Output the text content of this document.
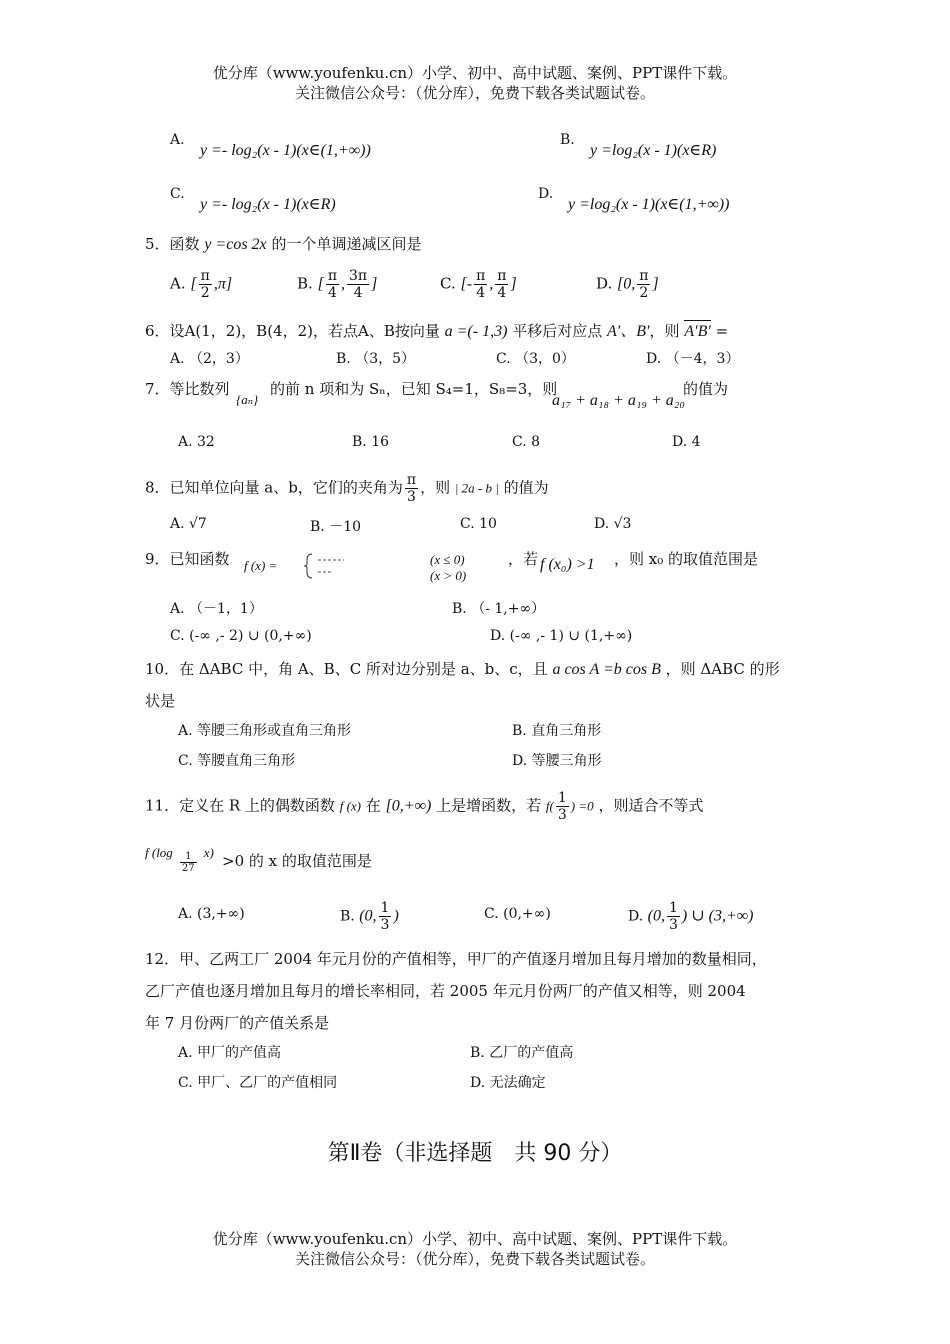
优分库（www.youfenku.cn）小学、初中、高中试题、案例、PPT课件下载。
关注微信公众号：（优分库），免费下载各类试题试卷。
A.
y =- log₂(x - 1)(x∈(1,+∞))
B.
y =log₂(x - 1)(x∈R)
C.
y =- log₂(x - 1)(x∈R)
D.
y =log₂(x - 1)(x∈(1,+∞))
5．函数 y =cos 2x 的一个单调递减区间是
A. [ $\frac{\pi}{2} ,\pi$]	B. [ $\frac{\pi}{4}$ , $\frac{3\pi}{4}$ ]	C. [- $\frac{\pi}{4}$ , $\frac{\pi}{4}$ ]	D. [0, $\frac{\pi}{2}$ ]
6．设A(1，2)，B(4，2)，若点A、B按向量 a =(- 1,3) 平移后对应点 A′、B′，则 A′B′ =
A. （2，3）	B. （3，5）	C. （3，0）	D. （－4，3）
7．等比数列
{aₙ}
的前 n 项和为 Sₙ，已知 S₄=1，S₈=3，则
a₁₇ + a₁₈ + a₁₉ + a₂₀
的值为
A. 32	B. 16	C. 8	D. 4
8．已知单位向量 a、b，它们的夹角为 $\frac{\pi}{3}$ ，则 | 2a - b | 的值为
A. √7	B. －10	C. 10	D. √3
9．已知函数 f (x) =	(x ≤ 0)
(x > 0)
，若 f (x₀) >1 ，则 x₀ 的取值范围是
A. （－1，1）	B. （- 1,+∞）
C. (-∞ ,- 2) ∪ (0,+∞)	D. (-∞ ,- 1) ∪ (1,+∞)
10．在 ΔABC 中，角 A、B、C 所对边分别是 a、b、c，且 a cos A =b cos B ，则 ΔABC 的形
状是
A. 等腰三角形或直角三角形	B. 直角三角形
C. 等腰直角三角形	D. 等腰三角形
11．定义在 R 上的偶数函数 f (x) 在 [0,+∞) 上是增函数，若 $f( \frac{1}{3}$ ) =0 ，则适合不等式
f $(\log \frac{1}{27} x) >0$ 的 x 的取值范围是
A. (3,+∞)	B. (0, $\frac{1}{3}$ )	C. (0,+∞)	D. (0, $\frac{1}{3}$ ) ∪ (3,+∞)
12．甲、乙两工厂 2004 年元月份的产值相等，甲厂的产值逐月增加且每月增加的数量相同，
乙厂产值也逐月增加且每月的增长率相同，若 2005 年元月份两厂的产值又相等，则 2004
年 7 月份两厂的产值关系是
A. 甲厂的产值高	B. 乙厂的产值高
C. 甲厂、乙厂的产值相同	D. 无法确定
第Ⅱ卷（非选择题　共 90 分）
优分库（www.youfenku.cn）小学、初中、高中试题、案例、PPT课件下载。
关注微信公众号：（优分库），免费下载各类试题试卷。
